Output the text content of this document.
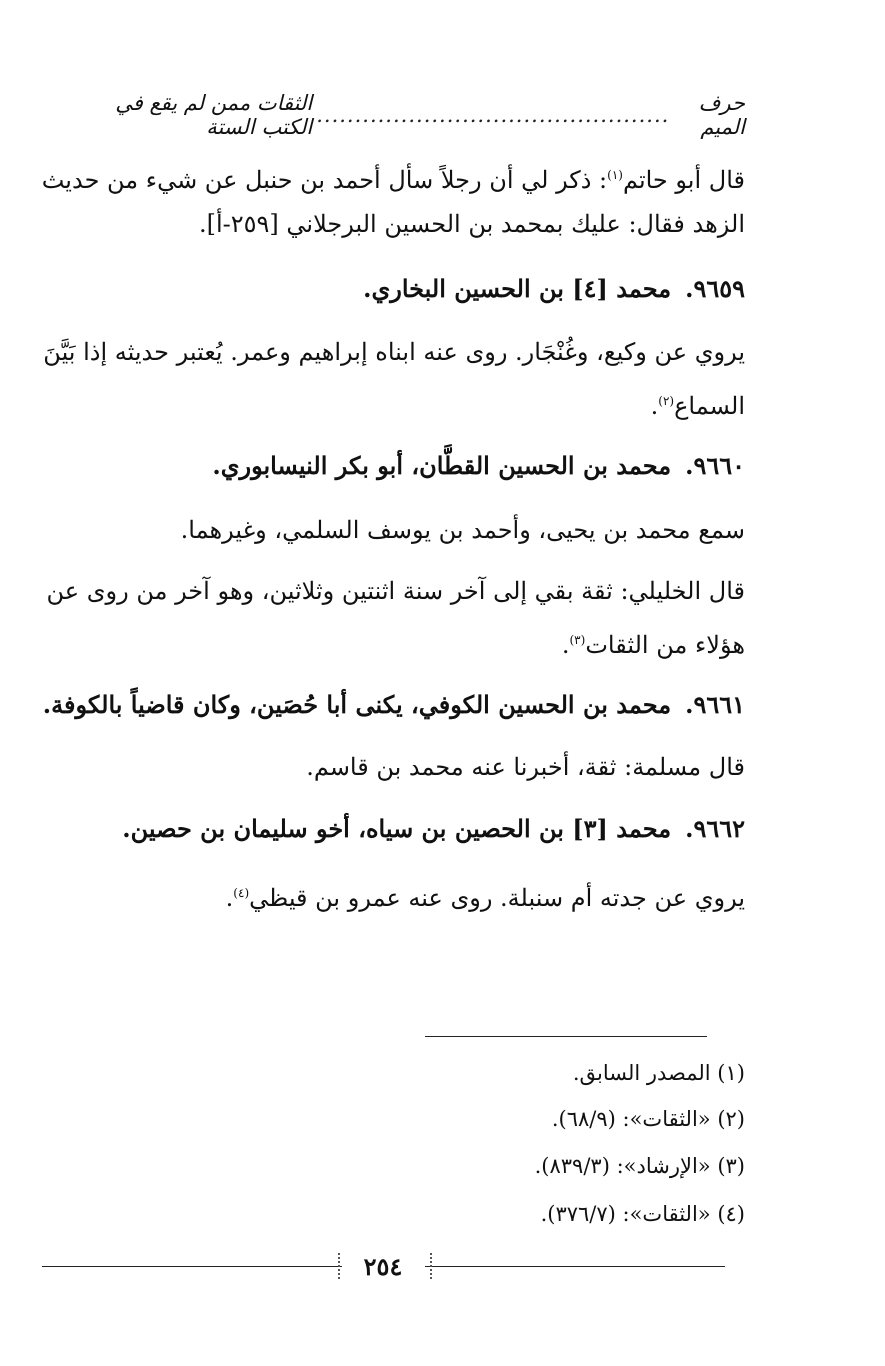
حرف الميم
..............................................
الثقات ممن لم يقع في الكتب الستة
قال أبو حاتم$^{(١)}$: ذكر لي أن رجلاً سأل أحمد بن حنبل عن شيء من حديث
الزهد فقال: عليك بمحمد بن الحسين البرجلاني [٢٥٩-أ].
٩٦٥٩.محمد [٤] بن الحسين البخاري.
يروي عن وكيع، وغُنْجَار. روى عنه ابناه إبراهيم وعمر. يُعتبر حديثه إذا بَيَّنَ
السماع$^{(٢)}$.
٩٦٦٠.محمد بن الحسين القطَّان، أبو بكر النيسابوري.
سمع محمد بن يحيى، وأحمد بن يوسف السلمي، وغيرهما.
قال الخليلي: ثقة بقي إلى آخر سنة اثنتين وثلاثين، وهو آخر من روى عن
هؤلاء من الثقات$^{(٣)}$.
٩٦٦١.محمد بن الحسين الكوفي، يكنى أبا حُصَين، وكان قاضياً بالكوفة.
قال مسلمة: ثقة، أخبرنا عنه محمد بن قاسم.
٩٦٦٢.محمد [٣] بن الحصين بن سياه، أخو سليمان بن حصين.
يروي عن جدته أم سنبلة. روى عنه عمرو بن قيظي$^{(٤)}$.
(١) المصدر السابق.
(٢) «الثقات»: (٦٨/٩).
(٣) «الإرشاد»: (٨٣٩/٣).
(٤) «الثقات»: (٣٧٦/٧).
٢٥٤
